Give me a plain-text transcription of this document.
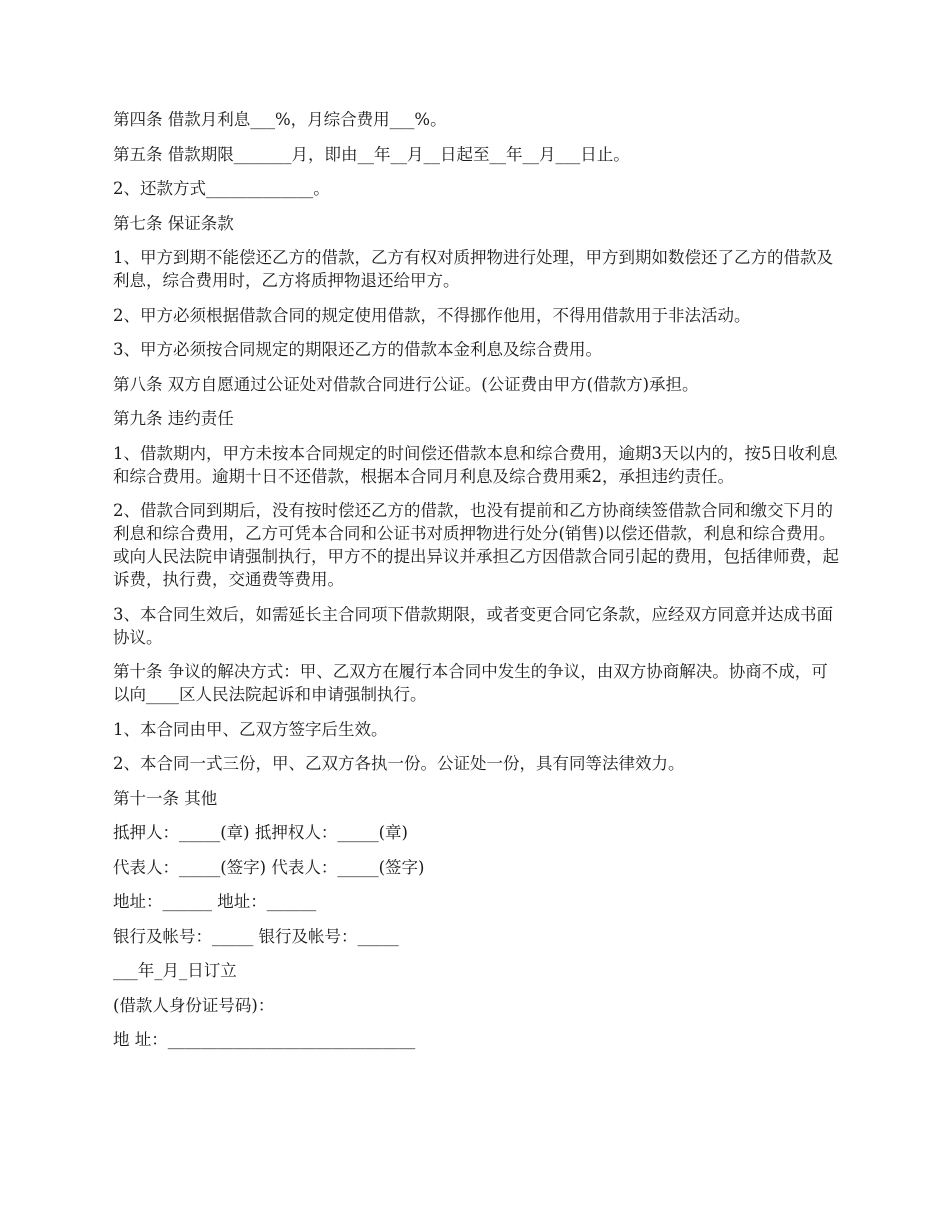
第四条 借款月利息___%，月综合费用___%。

第五条 借款期限_______月，即由__年__月__日起至__年__月___日止。

2、还款方式_____________。

第七条 保证条款

1、甲方到期不能偿还乙方的借款，乙方有权对质押物进行处理，甲方到期如数偿还了乙方的借款及利息，综合费用时，乙方将质押物退还给甲方。

2、甲方必须根据借款合同的规定使用借款，不得挪作他用，不得用借款用于非法活动。

3、甲方必须按合同规定的期限还乙方的借款本金利息及综合费用。

第八条 双方自愿通过公证处对借款合同进行公证。(公证费由甲方(借款方)承担。

第九条 违约责任

1、借款期内，甲方未按本合同规定的时间偿还借款本息和综合费用，逾期3天以内的，按5日收利息和综合费用。逾期十日不还借款，根据本合同月利息及综合费用乘2，承担违约责任。

2、借款合同到期后，没有按时偿还乙方的借款，也没有提前和乙方协商续签借款合同和缴交下月的利息和综合费用，乙方可凭本合同和公证书对质押物进行处分(销售)以偿还借款，利息和综合费用。或向人民法院申请强制执行，甲方不的提出异议并承担乙方因借款合同引起的费用，包括律师费，起诉费，执行费，交通费等费用。

3、本合同生效后，如需延长主合同项下借款期限，或者变更合同它条款，应经双方同意并达成书面协议。

第十条 争议的解决方式：甲、乙双方在履行本合同中发生的争议，由双方协商解决。协商不成，可以向____区人民法院起诉和申请强制执行。

1、本合同由甲、乙双方签字后生效。

2、本合同一式三份，甲、乙双方各执一份。公证处一份，具有同等法律效力。

第十一条 其他

抵押人：_____(章) 抵押权人：_____(章)

代表人：_____(签字) 代表人：_____(签字)

地址：______ 地址：______

银行及帐号：_____ 银行及帐号：_____

___年_月_日订立

(借款人身份证号码)：

地 址：______________________________
